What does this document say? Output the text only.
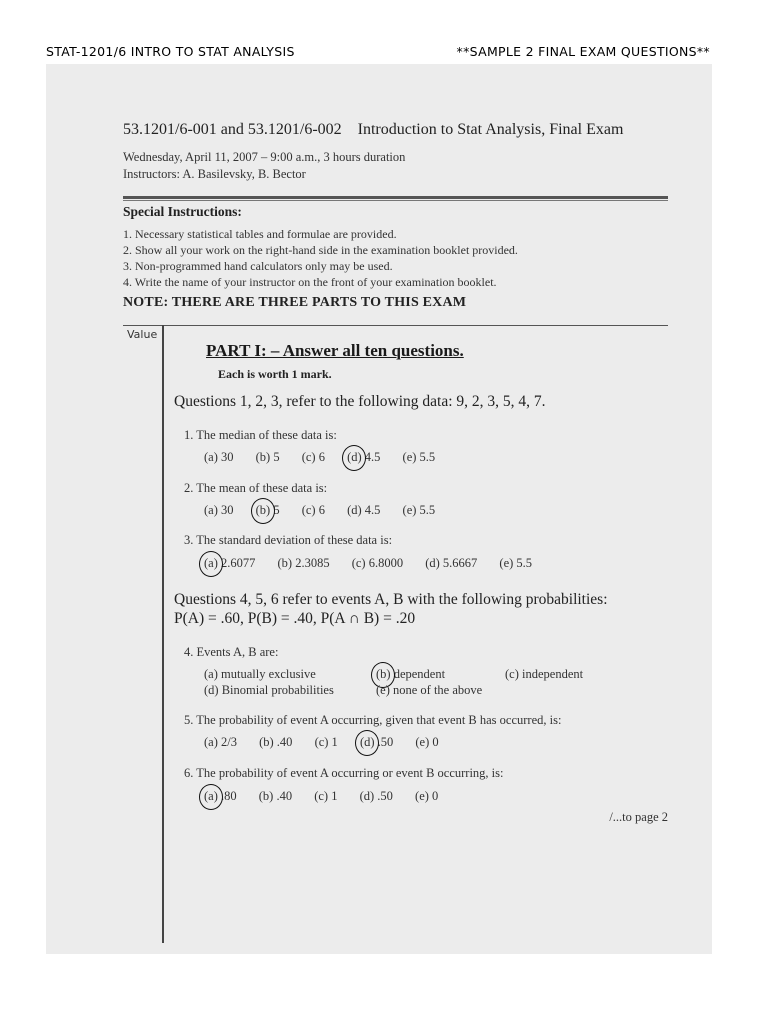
STAT-1201/6 INTRO TO STAT ANALYSIS	**SAMPLE 2 FINAL EXAM QUESTIONS**
53.1201/6-001 and 53.1201/6-002    Introduction to Stat Analysis, Final Exam
Wednesday, April 11, 2007 – 9:00 a.m., 3 hours duration
Instructors: A. Basilevsky, B. Bector
Special Instructions:
1. Necessary statistical tables and formulae are provided.
2. Show all your work on the right-hand side in the examination booklet provided.
3. Non-programmed hand calculators only may be used.
4. Write the name of your instructor on the front of your examination booklet.
NOTE: THERE ARE THREE PARTS TO THIS EXAM
Value
PART I: – Answer all ten questions.
Each is worth 1 mark.
Questions 1, 2, 3, refer to the following data: 9, 2, 3, 5, 4, 7.
1. The median of these data is:
(a) 30 (b) 5 (c) 6 (d) 4.5 (e) 5.5
2. The mean of these data is:
(a) 30 (b) 5 (c) 6 (d) 4.5 (e) 5.5
3. The standard deviation of these data is:
(a) 2.6077 (b) 2.3085 (c) 6.8000 (d) 5.6667 (e) 5.5
Questions 4, 5, 6 refer to events A, B with the following probabilities:
P(A) = .60, P(B) = .40, P(A ∩ B) = .20
4. Events A, B are:
(a) mutually exclusive	(b) dependent	(c) independent
(d) Binomial probabilities	(e) none of the above
5. The probability of event A occurring, given that event B has occurred, is:
(a) 2/3 (b) .40 (c) 1 (d) .50 (e) 0
6. The probability of event A occurring or event B occurring, is:
(a) .80 (b) .40 (c) 1 (d) .50 (e) 0
/...to page 2
